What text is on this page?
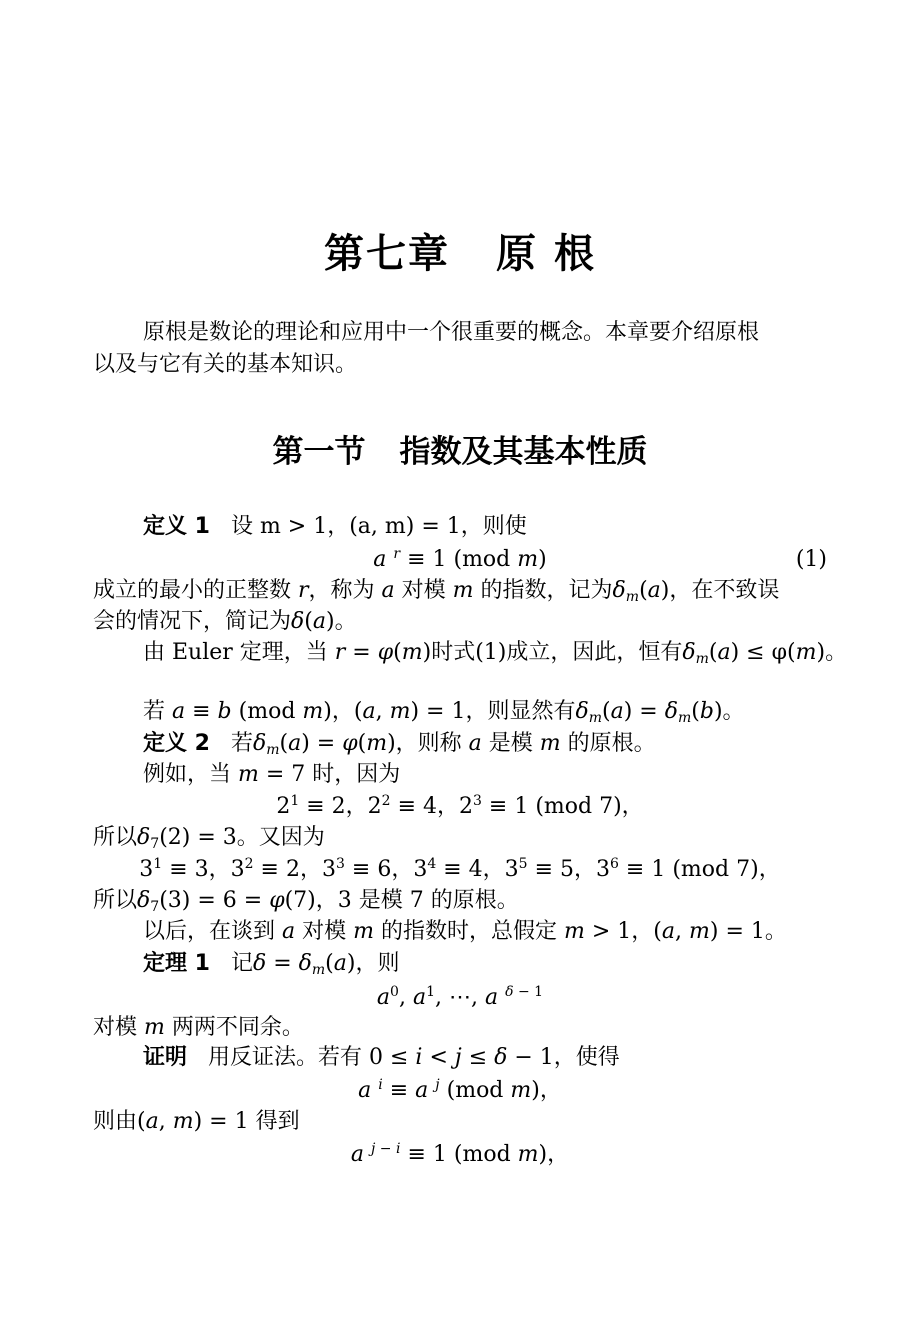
第七章 原 根
原根是数论的理论和应用中一个很重要的概念。本章要介绍原根
以及与它有关的基本知识。
第一节 指数及其基本性质
定义 1 设 m > 1，(a, m) = 1，则使
a $^r$ ≡ 1 (mod m)	(1)
成立的最小的正整数 r，称为 a 对模 m 的指数，记为$\delta_m(a)$，在不致误
会的情况下，简记为δ(a)。
由 Euler 定理，当 r = φ(m)时式(1)成立，因此，恒有$\delta_m(a) \le \varphi(m)$。
若 a ≡ b (mod m)，(a, m) = 1，则显然有$\delta_m(a) = \delta_m(b)$。
定义 2   若$\delta_m(a) = \varphi(m)$，则称 a 是模 m 的原根。
例如，当 m = 7 时，因为
$2^1 \equiv 2$，$2^2 \equiv 4$，$2^3 \equiv 1$ (mod 7)，
所以$\delta_7(2) = 3$。又因为
$3^1 \equiv 3$，$3^2 \equiv 2$，$3^3 \equiv 6$，$3^4 \equiv 4$，$3^5 \equiv 5$，$3^6 \equiv 1$ (mod 7)，
所以$\delta_7(3) = 6 = \varphi(7)$，3 是模 7 的原根。
以后，在谈到 a 对模 m 的指数时，总假定 m > 1，(a, m) = 1。
定理 1   记$\delta = \delta_m(a)$，则
$a^0$, $a^1$, ⋯, a $^{\delta - 1}$
对模 m 两两不同余。
证明   用反证法。若有 0 ≤ i < j ≤ δ − 1，使得
a $^i$ ≡ a $^j$ (mod m)，
则由(a, m) = 1 得到
a $^{j - i}$ ≡ 1 (mod m)，
